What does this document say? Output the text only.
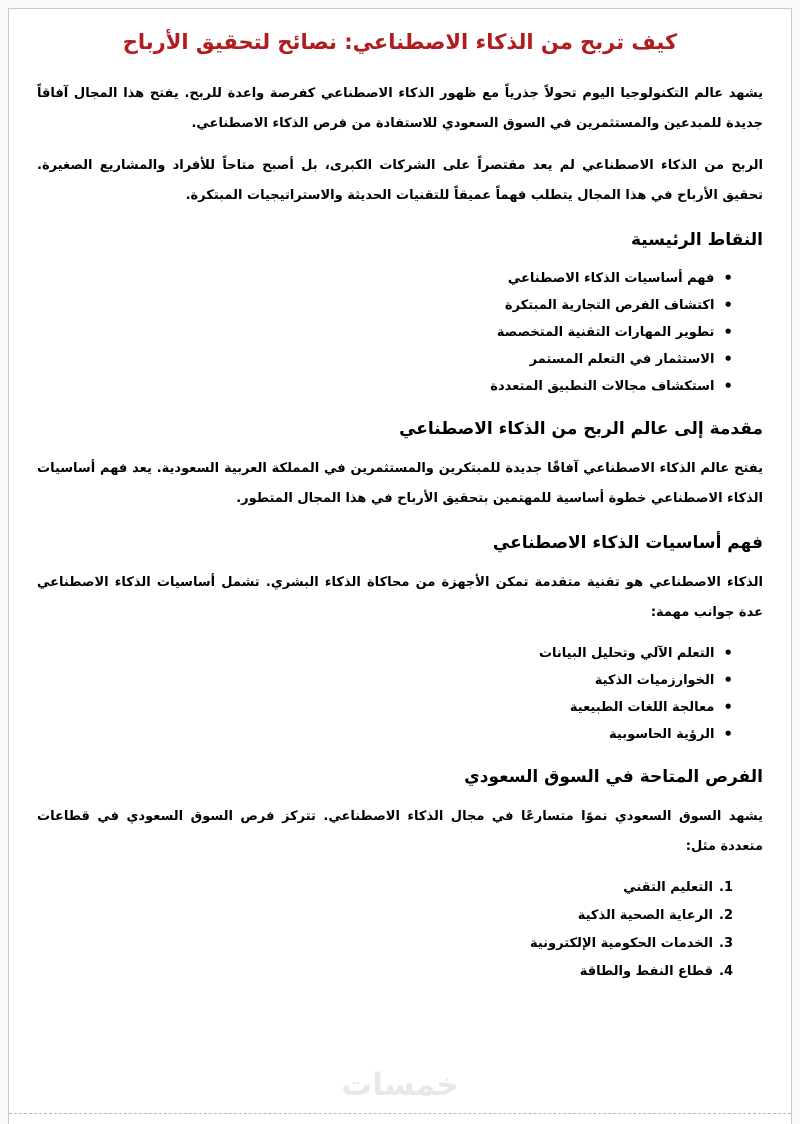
كيف تربح من الذكاء الاصطناعي: نصائح لتحقيق الأرباح

يشهد عالم التكنولوجيا اليوم تحولاً جذرياً مع ظهور الذكاء الاصطناعي كفرصة واعدة للربح. يفتح هذا المجال آفاقاً جديدة للمبدعين والمستثمرين في السوق السعودي للاستفادة من فرص الذكاء الاصطناعي.

الربح من الذكاء الاصطناعي لم يعد مقتصراً على الشركات الكبرى، بل أصبح متاحاً للأفراد والمشاريع الصغيرة. تحقيق الأرباح في هذا المجال يتطلب فهماً عميقاً للتقنيات الحديثة والاستراتيجيات المبتكرة.

النقاط الرئيسية
•
فهم أساسيات الذكاء الاصطناعي
•
اكتشاف الفرص التجارية المبتكرة
•
تطوير المهارات التقنية المتخصصة
•
الاستثمار في التعلم المستمر
•
استكشاف مجالات التطبيق المتعددة
مقدمة إلى عالم الربح من الذكاء الاصطناعي

يفتح عالم الذكاء الاصطناعي آفاقًا جديدة للمبتكرين والمستثمرين في المملكة العربية السعودية. يعد فهم أساسيات الذكاء الاصطناعي خطوة أساسية للمهتمين بتحقيق الأرباح في هذا المجال المتطور.

فهم أساسيات الذكاء الاصطناعي

الذكاء الاصطناعي هو تقنية متقدمة تمكن الأجهزة من محاكاة الذكاء البشري. تشمل أساسيات الذكاء الاصطناعي عدة جوانب مهمة:

•
التعلم الآلي وتحليل البيانات
•
الخوارزميات الذكية
•
معالجة اللغات الطبيعية
•
الرؤية الحاسوبية
الفرص المتاحة في السوق السعودي

يشهد السوق السعودي نموًا متسارعًا في مجال الذكاء الاصطناعي. تتركز فرص السوق السعودي في قطاعات متعددة مثل:

1.
التعليم التقني
2.
الرعاية الصحية الذكية
3.
الخدمات الحكومية الإلكترونية
4.
قطاع النفط والطاقة
خمسات
